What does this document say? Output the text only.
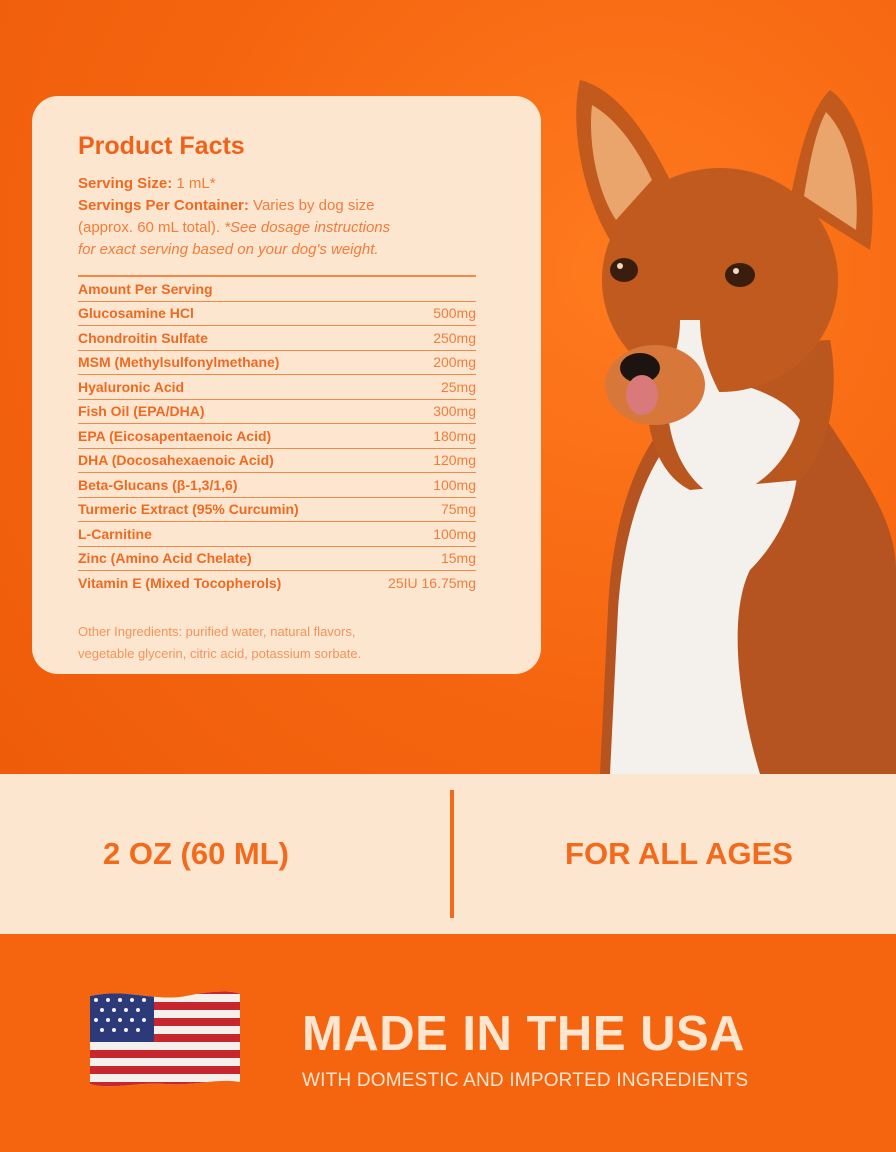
Product Facts
Serving Size: 1 mL*
Servings Per Container: Varies by dog size
(approx. 60 mL total). *See dosage instructions
for exact serving based on your dog's weight.
Amount Per Serving
Glucosamine HCl	500mg
Chondroitin Sulfate	250mg
MSM (Methylsulfonylmethane)	200mg
Hyaluronic Acid	25mg
Fish Oil (EPA/DHA)	300mg
EPA (Eicosapentaenoic Acid)	180mg
DHA (Docosahexaenoic Acid)	120mg
Beta-Glucans (β-1,3/1,6)	100mg
Turmeric Extract (95% Curcumin)	75mg
L-Carnitine	100mg
Zinc (Amino Acid Chelate)	15mg
Vitamin E (Mixed Tocopherols)	25IU 16.75mg
Other Ingredients: purified water, natural flavors,
vegetable glycerin, citric acid, potassium sorbate.
2 OZ (60 ML)	FOR ALL AGES
MADE IN THE USA
WITH DOMESTIC AND IMPORTED INGREDIENTS
